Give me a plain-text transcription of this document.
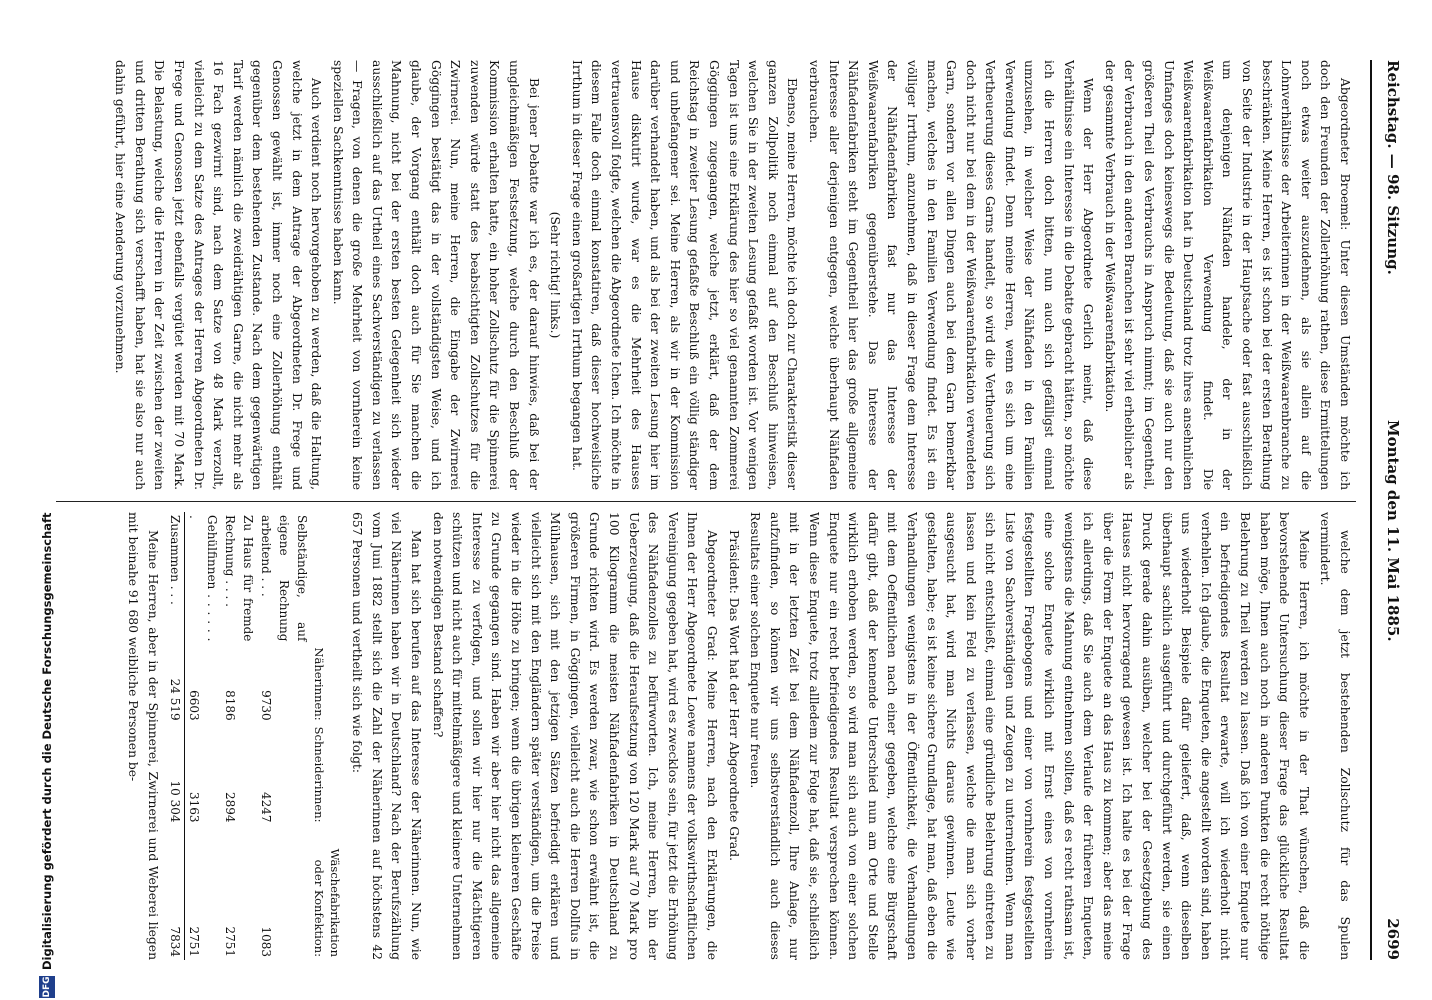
Reichstag. — 98. Sitzung.
Montag den 11. Mai 1885.
2699

Abgeordneter Broemel: Unter diesen Umständen möchte ich doch den Freunden der Zollerhöhung rathen, diese Ermittelungen noch etwas weiter auszudehnen, als sie allein auf die Lohnverhältnisse der Arbeiterinnen in der Weißwaarenbranche zu beschränken. Meine Herren, es ist schon bei der ersten Berathung von Seite der Industrie in der Hauptsache oder fast ausschließlich um denjenigen Nähfaden handele, der in der Weißwaarenfabrikation Verwendung findet. Die Weißwaarenfabrikation hat in Deutschland trotz ihres ansehnlichen Umfanges doch keineswegs die Bedeutung, daß sie auch nur den größeren Theil des Verbrauchs in Anspruch nimmt; im Gegentheil, der Verbrauch in den anderen Branchen ist sehr viel erheblicher als der gesammte Verbrauch in der Weißwaarenfabrikation.

Wenn der Herr Abgeordnete Gerlich meint, daß diese Verhältnisse ein Interesse in die Debatte gebracht hätten, so möchte ich die Herren doch bitten, nun auch sich gefälligst einmal umzusehen, in welcher Weise der Nähfaden in den Familien Verwendung findet. Denn meine Herren, wenn es sich um eine Vertheuerung dieses Garns handelt, so wird die Vertheuerung sich doch nicht nur bei dem in der Weißwaarenfabrikation verwendeten Garn, sondern vor allen Dingen auch bei dem Garn bemerkbar machen, welches in den Familien Verwendung findet. Es ist ein völliger Irrthum, anzunehmen, daß in dieser Frage dem Interesse der Nähfadenfabriken fast nur das Interesse der Weißwaarenfabriken gegenüberstehe. Das Interesse der Nähfadenfabriken steht im Gegentheil hier das große allgemeine Interesse aller derjenigen entgegen, welche überhaupt Nähfaden verbrauchen.

Ebenso, meine Herren, möchte ich doch zur Charakteristik dieser ganzen Zollpolitik noch einmal auf den Beschluß hinweisen, welchen Sie in der zweiten Lesung gefaßt worden ist. Vor wenigen Tagen ist uns eine Erklärung des hier so viel genannten Zommerei Göggingen zugegangen, welche jetzt, erklärt, daß der dem Reichstag in zweiter Lesung gefaßte Beschluß ein völlig ständiger und unbefangener sei. Meine Herren, als wir in der Kommission darüber verhandelt haben, und als bei der zweiten Lesung hier im Hause diskutirt wurde, war es die Mehrheit des Hauses vertrauensvoll folgte, welchen die Abgeordnete Ichen. Ich möchte in diesem Falle doch einmal konstatiren, daß dieser hochweisliche Irrthum in dieser Frage einen großartigen Irrthum begangen hat.

(Sehr richtig! links.)

Bei jener Debatte war ich es, der darauf hinwies, daß bei der ungleichmäßigen Festsetzung, welche durch den Beschluß der Kommission erhalten hatte, ein hoher Zollschutz für die Spinnerei zuwenden würde statt des beabsichtigten Zollschutzes für die Zwirnerei. Nun, meine Herren, die Eingabe der Zwirnerei Göggingen bestätigt das in der vollständigsten Weise, und ich glaube, der Vorgang enthält doch auch für Sie manchen die Mahnung, nicht bei der ersten besten Gelegenheit sich wieder ausschließlich auf das Urtheil eines Sachverständigen zu verlassen — Fragen, von denen die große Mehrheit von vornherein keine speziellen Sachkenntnisse haben kann.

Auch verdient noch hervorgehoben zu werden, daß die Haltung, welche jetzt in dem Antrage der Abgeordneten Dr. Frege und Genossen gewählt ist, immer noch eine Zollerhöhung enthält gegenüber dem bestehenden Zustande. Nach dem gegenwärtigen Tarif werden nämlich die zweidrähtigen Garne, die nicht mehr als 16 Fach gezwirnt sind, nach dem Satze von 48 Mark verzollt, vielleicht zu dem Satze des Antrages der Herren Abgeordneten Dr. Frege und Genossen jetzt ebenfalls vergütet werden mit 70 Mark. Die Belastung, welche die Herren in der Zeit zwischen der zweiten und dritten Berathung sich verschafft haben, hat sie also nur auch dahin geführt, hier eine Aenderung vorzunehmen.

welche dem jetzt bestehenden Zollschutz für das Spulen vermindert.

Meine Herren, ich möchte in der That wünschen, daß die bevorstehende Untersuchung dieser Frage das glückliche Resultat haben möge, Ihnen auch noch in anderen Punkten die recht nöthige Belehrung zu Theil werden zu lassen. Daß ich von einer Enquete nur ein befriedigendes Resultat erwarte, will ich wiederholt nicht verhehlen. Ich glaube, die Enqueten, die angestellt worden sind, haben uns wiederholt Beispiele dafür geliefert, daß, wenn dieselben überhaupt sachlich ausgeführt und durchgeführt werden, sie einen Druck gerade dahin ausüben, welcher bei der Gesetzgebung des Hauses nicht hervorragend gewesen ist. Ich halte es bei der Frage über die Form der Enquete an das Haus zu kommen; aber das meine ich allerdings, daß Sie auch dem Verlaufe der früheren Enqueten, wenigstens die Mahnung entnehmen sollten, daß es recht rathsam ist, eine solche Enquete wirklich mit Ernst eines von vornherein festgestellten Fragebogens und einer von vornherein festgestellten Liste von Sachverständigen und Zeugen zu unternehmen. Wenn man sich nicht entschließt, einmal eine gründliche Belehrung eintreten zu lassen und kein Feld zu verlassen, welche die man sich vorher ausgesucht hat, wird man Nichts daraus gewinnen. Leute wie gestalten, habe; es ist keine sichere Grundlage, hat man, daß eben die Verhandlungen wenigstens in der Öffentlichkeit, die Verhandlungen mit dem Oeffentlichen nach einer gegeben, welche eine Bürgschaft dafür gibt, daß der kennende Unterschied nun am Orte und Stelle wirklich erhoben werden, so wird man sich auch von einer solchen Enquete nur ein recht befriedigendes Resultat versprechen können. Wenn diese Enquete, trotz allledem zur Folge hat, daß sie, schließlich mit in der letzten Zeit bei dem Nähfadenzoll, Ihre Anlage, nur aufzufinden, so können wir uns selbstverständlich auch dieses Resultats einer solchen Enquete nur freuen.

Präsident: Das Wort hat der Herr Abgeordnete Grad.

Abgeordneter Grad: Meine Herren, nach den Erklärungen, die Ihnen der Herr Abgeordnete Loewe namens der volkswirthschaftlichen Vereinigung gegeben hat, wird es zwecklos sein, für jetzt die Erhöhung des Nähfadenzolles zu befürworten. Ich, meine Herren, bin der Ueberzeugung, daß die Heraufsetzung von 120 Mark auf 70 Mark pro 100 Kilogramm die meisten Nähfadenfabriken in Deutschland zu Grunde richten wird. Es werden zwar, wie schon erwähnt ist, die größeren Firmen, in Göggingen, vielleicht auch die Herren Dollfus in Mülhausen, sich mit den jetzigen Sätzen befriedigt erklären und vielleicht sich mit den Engländern später verständigen, um die Preise wieder in die Höhe zu bringen; wenn die übrigen kleineren Geschäfte zu Grunde gegangen sind. Haben wir aber hier nicht das allgemeine Interesse zu verfolgen, und sollen wir hier nur die Mächtigeren schützen und nicht auch für mittelmäßigere und kleinere Unternehmen den notwendigen Bestand schaffen?

Man hat sich berufen auf das Interesse der Näherinnen. Nun, wie viel Näherinnen haben wir in Deutschland? Nach der Berufszählung vom Juni 1882 stellt sich die Zahl der Näherinnen auf höchstens 42 657 Personen und vertheilt sich wie folgt:

	Näherinnen:	Schneiderinnen:	Wäschefabrikation oder Konfektion:
Selbständige, auf eigene Rechnung arbeitend . . .	9730	4247	1083
Zu Haus für fremde Rechnung . . . .	8186	2894	2751
Gehülfinnen . . . . . . .	6603	3163	2751
Zusammen . . .	24 519	10 304	7834

Meine Herren, aber in der Spinnerei, Zwirnerei und Weberei liegen mit beinahe 91 680 weibliche Personen be-

DFG
Digitalisierung gefördert durch die Deutsche Forschungsgemeinschaft
